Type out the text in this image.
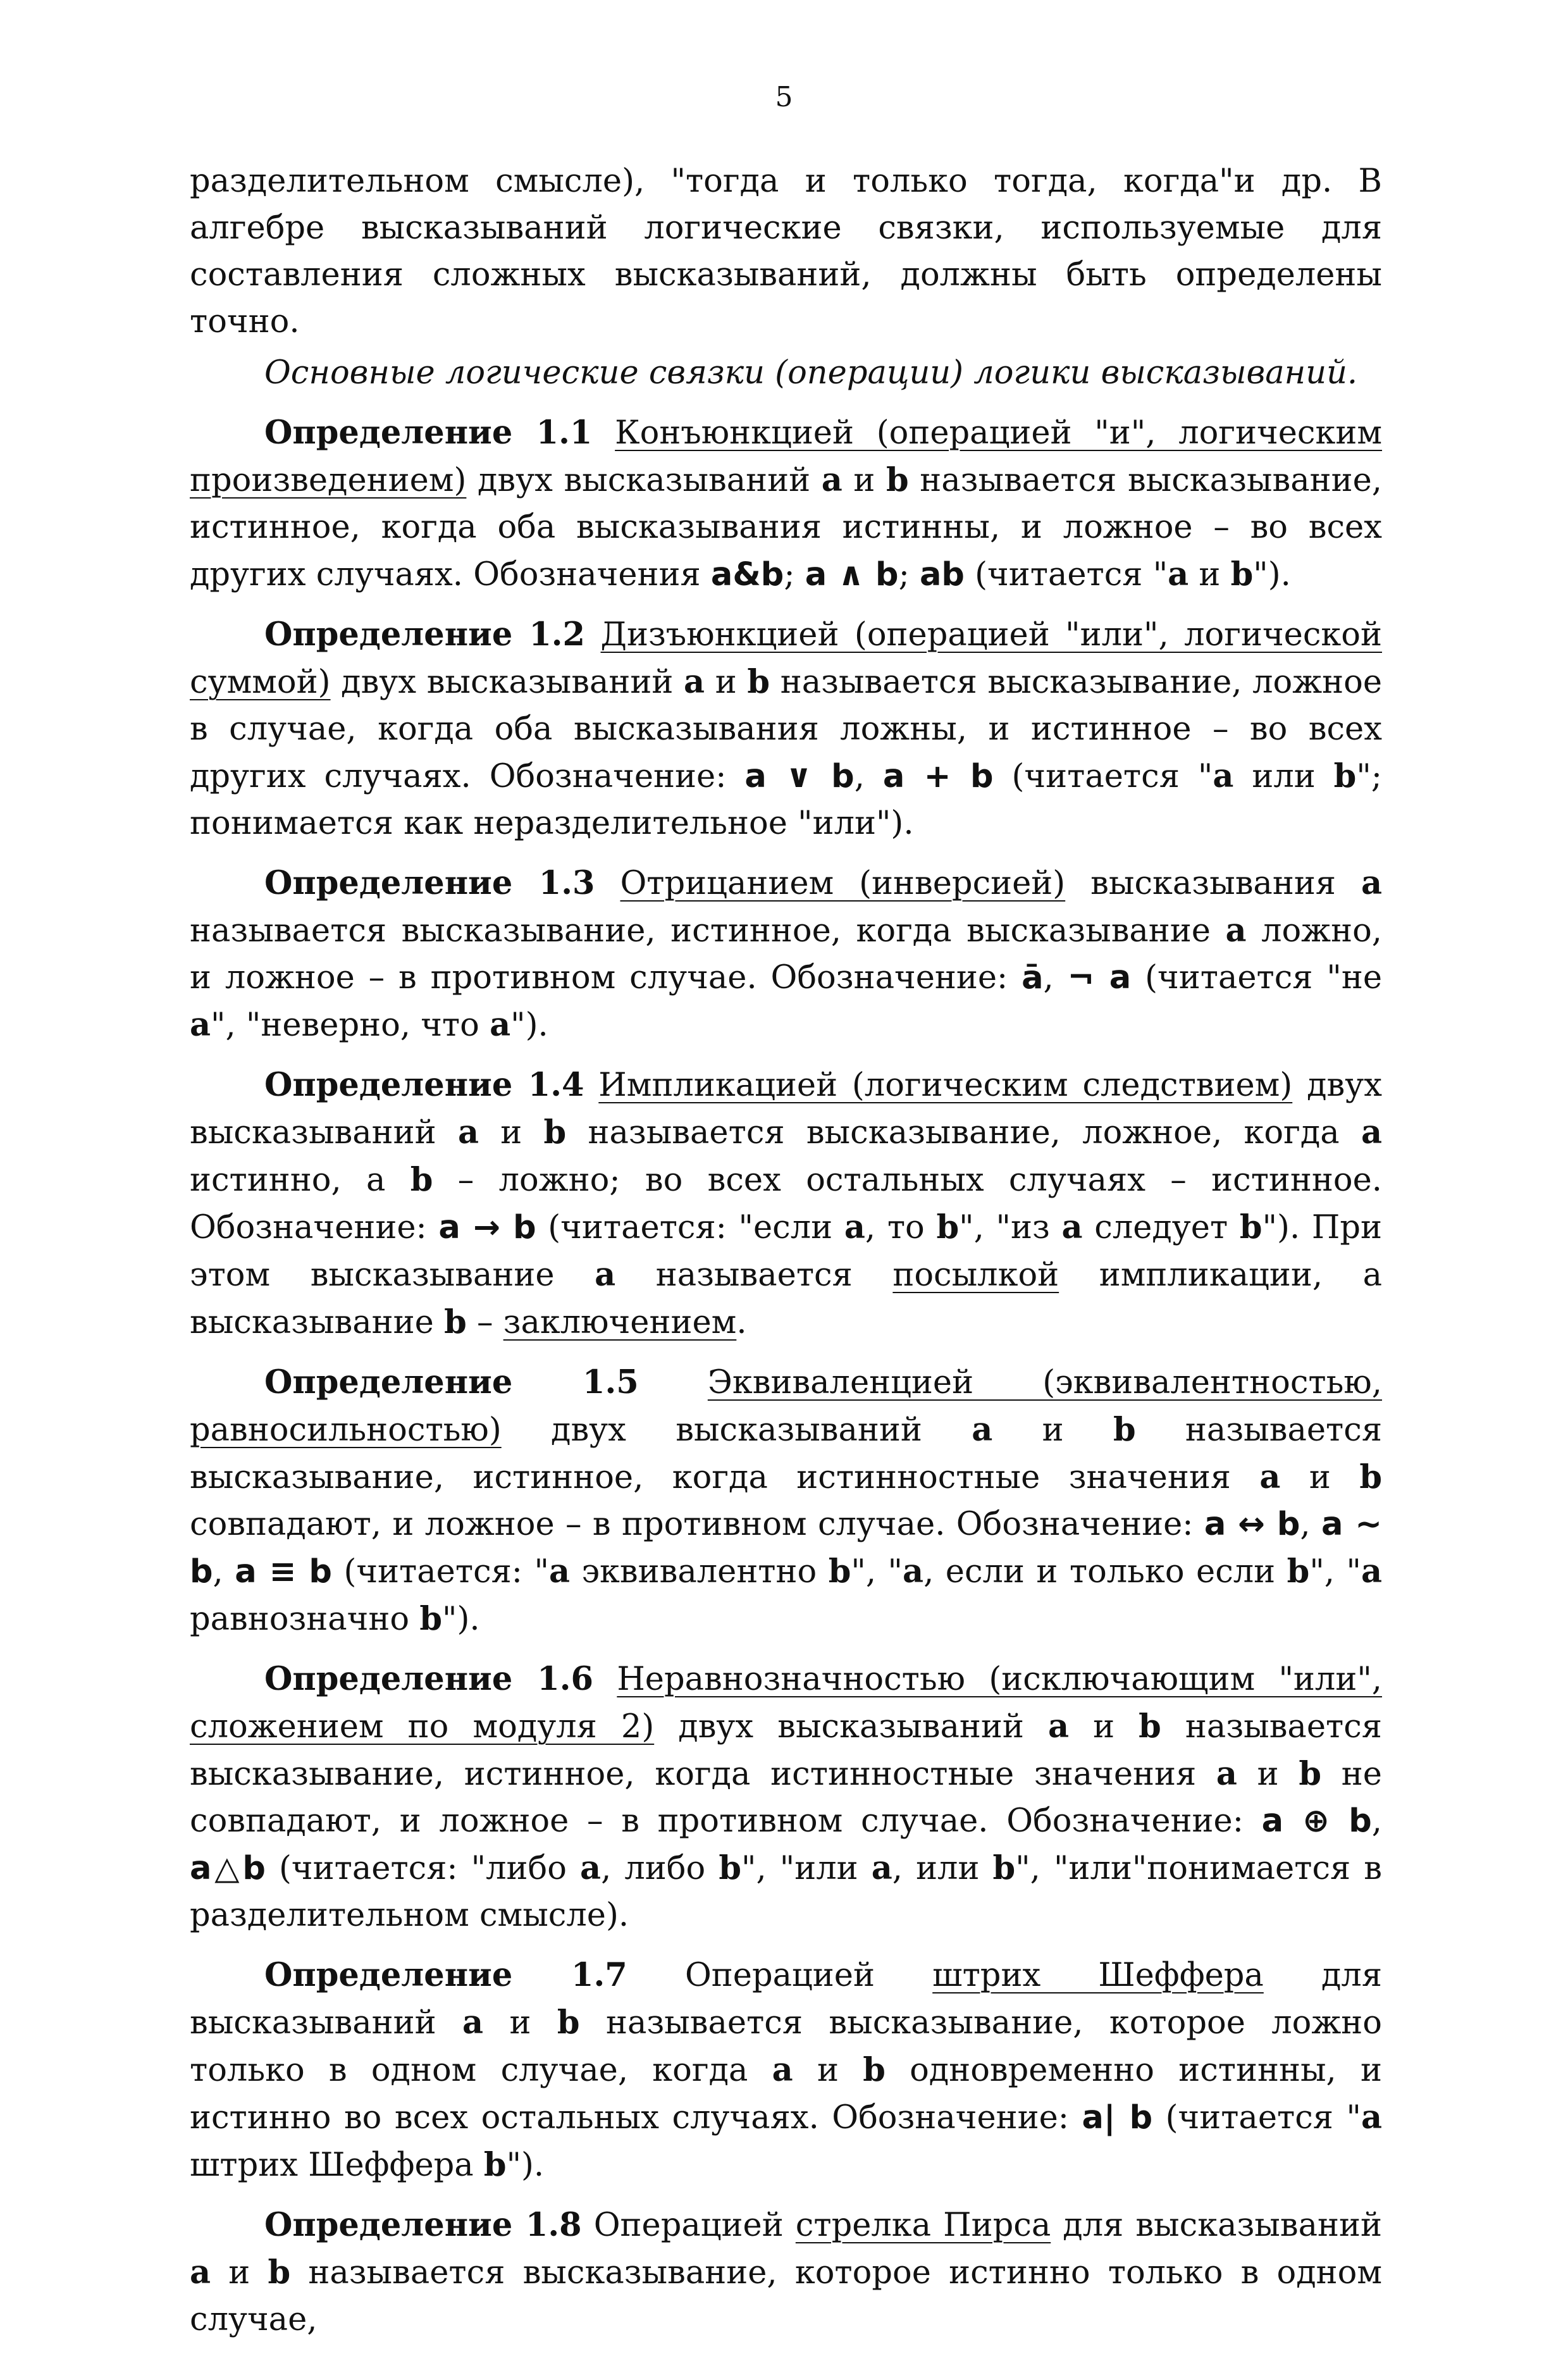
5

разделительном смысле), "тогда и только тогда, когда"и др. В алгебре высказываний логические связки, используемые для составления сложных высказываний, должны быть определены точно.

Основные логические связки (операции) логики высказываний.

Определение 1.1 Конъюнкцией (операцией "и", логическим произведением) двух высказываний a и b называется высказывание, истинное, когда оба высказывания истинны, и ложное – во всех других случаях. Обозначения a&b; a ∧ b; ab (читается "a и b").

Определение 1.2 Дизъюнкцией (операцией "или", логической суммой) двух высказываний a и b называется высказывание, ложное в случае, когда оба высказывания ложны, и истинное – во всех других случаях. Обозначение: a ∨ b, a + b (читается "a или b"; понимается как неразделительное "или").

Определение 1.3 Отрицанием (инверсией) высказывания a называется высказывание, истинное, когда высказывание a ложно, и ложное – в противном случае. Обозначение: ā, ¬ a (читается "не a", "неверно, что a").

Определение 1.4 Импликацией (логическим следствием) двух высказываний a и b называется высказывание, ложное, когда a истинно, а b – ложно; во всех остальных случаях – истинное. Обозначение: a → b (читается: "если a, то b", "из a следует b"). При этом высказывание a называется посылкой импликации, а высказывание b – заключением.

Определение 1.5 Эквиваленцией (эквивалентностью, равносильностью) двух высказываний a и b называется высказывание, истинное, когда истинностные значения a и b совпадают, и ложное – в противном случае. Обозначение: a ↔ b, a ∼ b, a ≡ b (читается: "a эквивалентно b", "a, если и только если b", "a равнозначно b").

Определение 1.6 Неравнозначностью (исключающим "или", сложением по модуля 2) двух высказываний a и b называется высказывание, истинное, когда истинностные значения a и b не совпадают, и ложное – в противном случае. Обозначение: a ⊕ b, a△b (читается: "либо a, либо b", "или a, или b", "или"понимается в разделительном смысле).

Определение 1.7 Операцией штрих Шеффера для высказываний a и b называется высказывание, которое ложно только в одном случае, когда a и b одновременно истинны, и истинно во всех остальных случаях. Обозначение: a| b (читается "a штрих Шеффера b").

Определение 1.8 Операцией стрелка Пирса для высказываний a и b называется высказывание, которое истинно только в одном случае,
